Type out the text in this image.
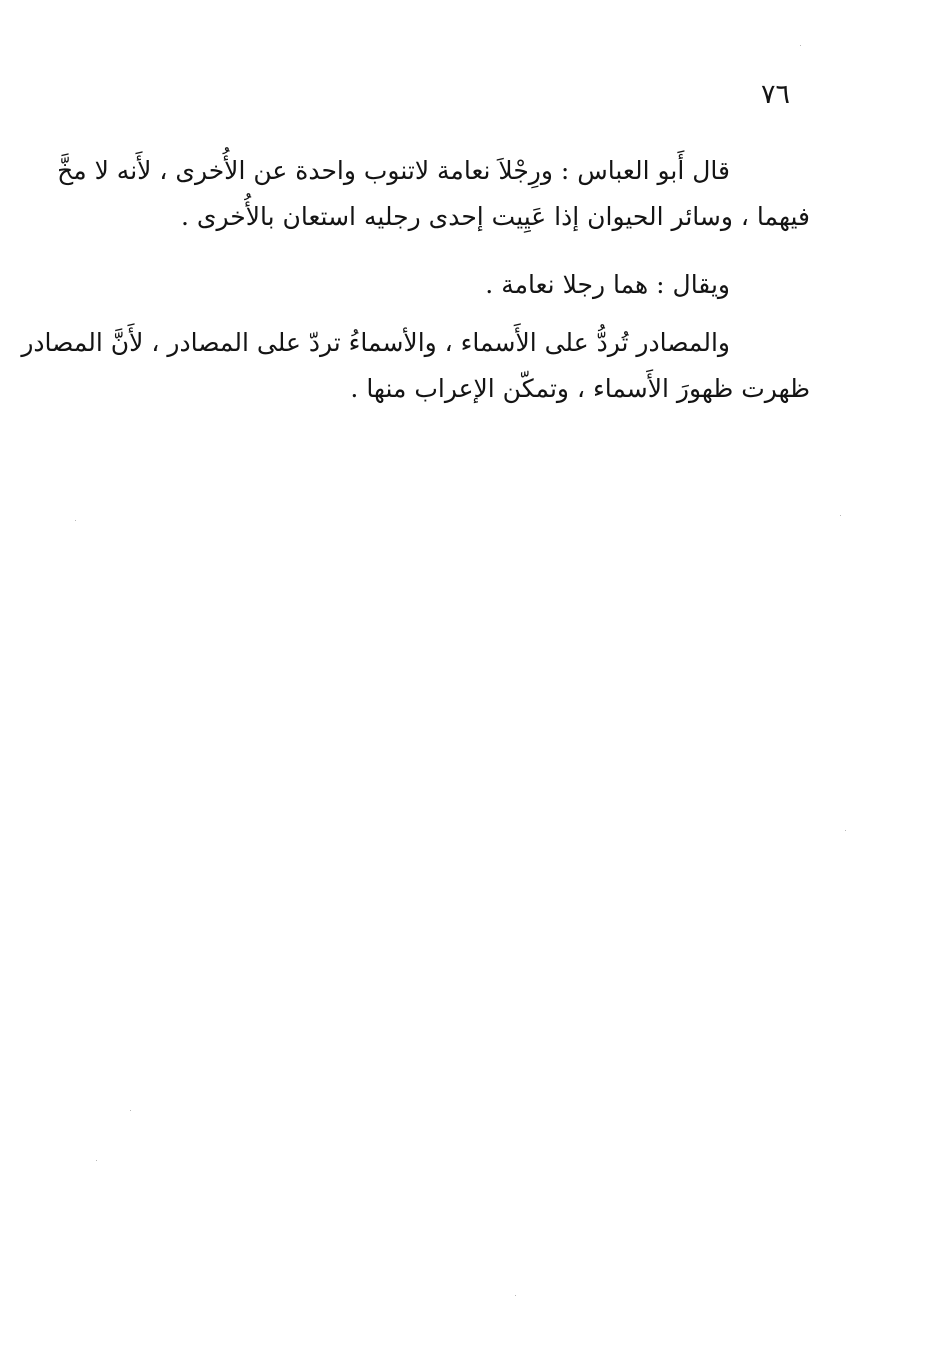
٧٦
قال أَبو العباس : ورِجْلاَ نعامة لاتنوب واحدة عن الأُخرى ، لأَنه لا مخَّ
فيهما ، وسائر الحيوان إذا عَيِيت إحدى رجليه استعان بالأُخرى .
ويقال : هما رجلا نعامة .
والمصادر تُردُّ على الأَسماء ، والأسماءُ تردّ على المصادر ، لأَنَّ المصادر
ظهرت ظهورَ الأَسماء ، وتمكّن الإعراب منها .
